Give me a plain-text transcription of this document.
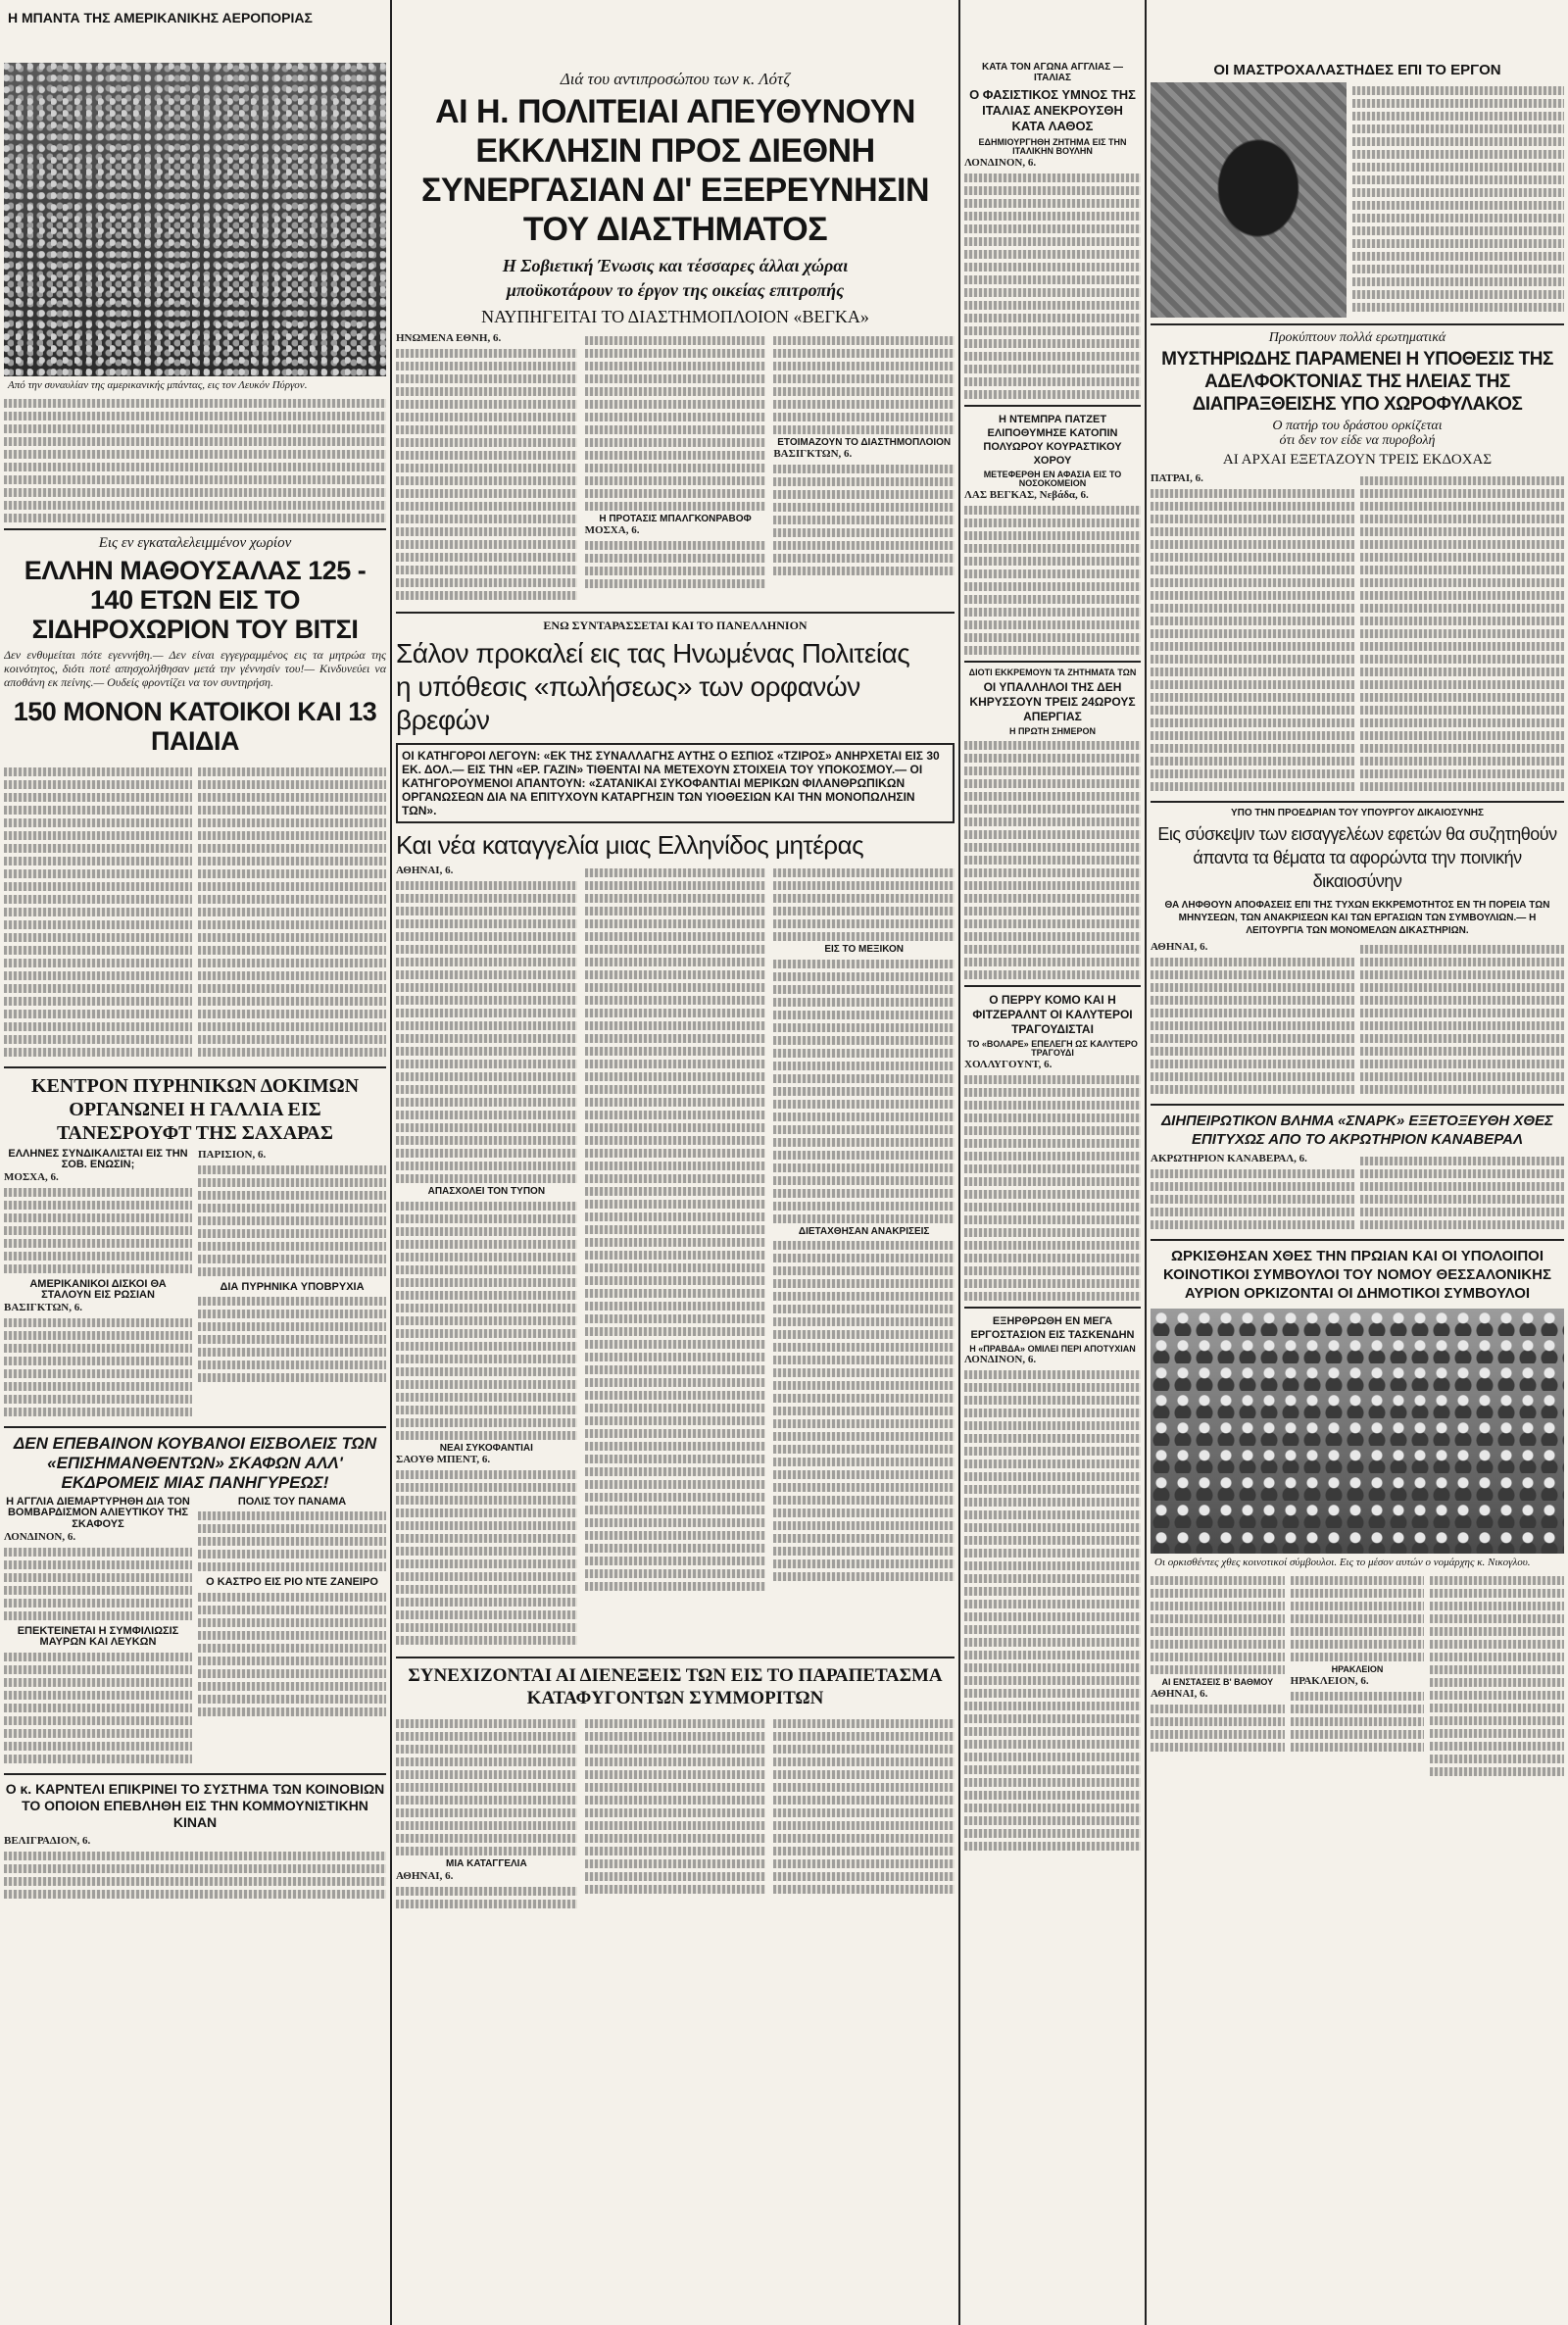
Η ΜΠΑΝΤΑ ΤΗΣ ΑΜΕΡΙΚΑΝΙΚΗΣ ΑΕΡΟΠΟΡΙΑΣ
Από την συναυλίαν της αμερικανικής μπάντας, εις τον Λευκόν Πύργον.
Εις εν εγκαταλελειμμένον χωρίον
ΕΛΛΗΝ ΜΑΘΟΥΣΑΛΑΣ 125 - 140 ΕΤΩΝ ΕΙΣ ΤΟ ΣΙΔΗΡΟΧΩΡΙΟΝ ΤΟΥ ΒΙΤΣΙ
Δεν ενθυμείται πότε εγεννήθη.— Δεν είναι εγγεγραμμένος εις τα μητρώα της κοινότητος, διότι ποτέ απησχολήθησαν μετά την γέννησίν του!— Κινδυνεύει να αποθάνη εκ πείνης.— Ουδείς φροντίζει να τον συντηρήση.
150 ΜΟΝΟΝ ΚΑΤΟΙΚΟΙ ΚΑΙ 13 ΠΑΙΔΙΑ
ΚΕΝΤΡΟΝ ΠΥΡΗΝΙΚΩΝ ΔΟΚΙΜΩΝ ΟΡΓΑΝΩΝΕΙ Η ΓΑΛΛΙΑ ΕΙΣ ΤΑΝΕΣΡΟΥΦΤ ΤΗΣ ΣΑΧΑΡΑΣ
ΕΛΛΗΝΕΣ ΣΥΝΔΙΚΑΛΙΣΤΑΙ ΕΙΣ ΤΗΝ ΣΟΒ. ΕΝΩΣΙΝ;
ΜΟΣΧΑ, 6.
ΑΜΕΡΙΚΑΝΙΚΟΙ ΔΙΣΚΟΙ ΘΑ ΣΤΑΛΟΥΝ ΕΙΣ ΡΩΣΙΑΝ
ΒΑΣΙΓΚΤΩΝ, 6.
ΠΑΡΙΣΙΟΝ, 6.
ΔΙΑ ΠΥΡΗΝΙΚΑ ΥΠΟΒΡΥΧΙΑ
ΔΕΝ ΕΠΕΒΑΙΝΟΝ ΚΟΥΒΑΝΟΙ ΕΙΣΒΟΛΕΙΣ ΤΩΝ «ΕΠΙΣΗΜΑΝΘΕΝΤΩΝ» ΣΚΑΦΩΝ ΑΛΛ' ΕΚΔΡΟΜΕΙΣ ΜΙΑΣ ΠΑΝΗΓΥΡΕΩΣ!
Η ΑΓΓΛΙΑ ΔΙΕΜΑΡΤΥΡΗΘΗ ΔΙΑ ΤΟΝ ΒΟΜΒΑΡΔΙΣΜΟΝ ΑΛΙΕΥΤΙΚΟΥ ΤΗΣ ΣΚΑΦΟΥΣ
ΛΟΝΔΙΝΟΝ, 6.
ΕΠΕΚΤΕΙΝΕΤΑΙ Η ΣΥΜΦΙΛΙΩΣΙΣ ΜΑΥΡΩΝ ΚΑΙ ΛΕΥΚΩΝ
ΠΟΛΙΣ ΤΟΥ ΠΑΝΑΜΑ
Ο ΚΑΣΤΡΟ ΕΙΣ ΡΙΟ ΝΤΕ ΖΑΝΕΙΡΟ
Ο κ. ΚΑΡΝΤΕΛΙ ΕΠΙΚΡΙΝΕΙ ΤΟ ΣΥΣΤΗΜΑ ΤΩΝ ΚΟΙΝΟΒΙΩΝ ΤΟ ΟΠΟΙΟΝ ΕΠΕΒΛΗΘΗ ΕΙΣ ΤΗΝ ΚΟΜΜΟΥΝΙΣΤΙΚΗΝ ΚΙΝΑΝ
ΒΕΛΙΓΡΑΔΙΟΝ, 6.
Διά του αντιπροσώπου των κ. Λότζ
ΑΙ Η. ΠΟΛΙΤΕΙΑΙ ΑΠΕΥΘΥΝΟΥΝ ΕΚΚΛΗΣΙΝ ΠΡΟΣ ΔΙΕΘΝΗ ΣΥΝΕΡΓΑΣΙΑΝ ΔΙ' ΕΞΕΡΕΥΝΗΣΙΝ ΤΟΥ ΔΙΑΣΤΗΜΑΤΟΣ
Η Σοβιετική Ένωσις και τέσσαρες άλλαι χώραι
μποϋκοτάρουν το έργον της οικείας επιτροπής
ΝΑΥΠΗΓΕΙΤΑΙ ΤΟ ΔΙΑΣΤΗΜΟΠΛΟΙΟΝ «ΒΕΓΚΑ»
ΗΝΩΜΕΝΑ ΕΘΝΗ, 6.
Η ΠΡΟΤΑΣΙΣ ΜΠΑΛΓΚΟΝΡΑΒΟΦ
ΜΟΣΧΑ, 6.
ΕΤΟΙΜΑΖΟΥΝ ΤΟ ΔΙΑΣΤΗΜΟΠΛΟΙΟΝ
ΒΑΣΙΓΚΤΩΝ, 6.
ΕΝΩ ΣΥΝΤΑΡΑΣΣΕΤΑΙ ΚΑΙ ΤΟ ΠΑΝΕΛΛΗΝΙΟΝ
Σάλον προκαλεί εις τας Ηνωμένας Πολιτείας
η υπόθεσις «πωλήσεως» των ορφανών βρεφών
ΟΙ ΚΑΤΗΓΟΡΟΙ ΛΕΓΟΥΝ: «ΕΚ ΤΗΣ ΣΥΝΑΛΛΑΓΗΣ ΑΥΤΗΣ Ο ΕΣΠΙΟΣ «ΤΖΙΡΟΣ» ΑΝΗΡΧΕΤΑΙ ΕΙΣ 30 ΕΚ. ΔΟΛ.— ΕΙΣ ΤΗΝ «ΕΡ. ΓΑΖΙΝ» ΤΙΘΕΝΤΑΙ ΝΑ ΜΕΤΕΧΟΥΝ ΣΤΟΙΧΕΙΑ ΤΟΥ ΥΠΟΚΟΣΜΟΥ.— ΟΙ ΚΑΤΗΓΟΡΟΥΜΕΝΟΙ ΑΠΑΝΤΟΥΝ: «ΣΑΤΑΝΙΚΑΙ ΣΥΚΟΦΑΝΤΙΑΙ ΜΕΡΙΚΩΝ ΦΙΛΑΝΘΡΩΠΙΚΩΝ ΟΡΓΑΝΩΣΕΩΝ ΔΙΑ ΝΑ ΕΠΙΤΥΧΟΥΝ ΚΑΤΑΡΓΗΣΙΝ ΤΩΝ ΥΙΟΘΕΣΙΩΝ ΚΑΙ ΤΗΝ ΜΟΝΟΠΩΛΗΣΙΝ ΤΩΝ».
Και νέα καταγγελία μιας Ελληνίδος μητέρας
ΑΘΗΝΑΙ, 6.
ΑΠΑΣΧΟΛΕΙ ΤΟΝ ΤΥΠΟΝ
ΝΕΑΙ ΣΥΚΟΦΑΝΤΙΑΙ
ΣΑΟΥΘ ΜΠΕΝΤ, 6.
ΕΙΣ ΤΟ ΜΕΞΙΚΟΝ
ΔΙΕΤΑΧΘΗΣΑΝ ΑΝΑΚΡΙΣΕΙΣ
ΣΥΝΕΧΙΖΟΝΤΑΙ ΑΙ ΔΙΕΝΕΞΕΙΣ ΤΩΝ ΕΙΣ ΤΟ ΠΑΡΑΠΕΤΑΣΜΑ ΚΑΤΑΦΥΓΟΝΤΩΝ ΣΥΜΜΟΡΙΤΩΝ
ΜΙΑ ΚΑΤΑΓΓΕΛΙΑ
ΑΘΗΝΑΙ, 6.
ΚΑΤΑ ΤΟΝ ΑΓΩΝΑ ΑΓΓΛΙΑΣ — ΙΤΑΛΙΑΣ
Ο ΦΑΣΙΣΤΙΚΟΣ ΥΜΝΟΣ ΤΗΣ ΙΤΑΛΙΑΣ ΑΝΕΚΡΟΥΣΘΗ ΚΑΤΑ ΛΑΘΟΣ
ΕΔΗΜΙΟΥΡΓΗΘΗ ΖΗΤΗΜΑ ΕΙΣ ΤΗΝ ΙΤΑΛΙΚΗΝ ΒΟΥΛΗΝ
ΛΟΝΔΙΝΟΝ, 6.
Η ΝΤΕΜΠΡΑ ΠΑΤΖΕΤ ΕΛΙΠΟΘΥΜΗΣΕ ΚΑΤΟΠΙΝ ΠΟΛΥΩΡΟΥ ΚΟΥΡΑΣΤΙΚΟΥ ΧΟΡΟΥ
ΜΕΤΕΦΕΡΘΗ ΕΝ ΑΦΑΣΙΑ ΕΙΣ ΤΟ ΝΟΣΟΚΟΜΕΙΟΝ
ΛΑΣ ΒΕΓΚΑΣ, Νεβάδα, 6.
ΔΙΟΤΙ ΕΚΚΡΕΜΟΥΝ ΤΑ ΖΗΤΗΜΑΤΑ ΤΩΝ
ΟΙ ΥΠΑΛΛΗΛΟΙ ΤΗΣ ΔΕΗ ΚΗΡΥΣΣΟΥΝ ΤΡΕΙΣ 24ΩΡΟΥΣ ΑΠΕΡΓΙΑΣ
Η ΠΡΩΤΗ ΣΗΜΕΡΟΝ
Ο ΠΕΡΡΥ ΚΟΜΟ ΚΑΙ Η ΦΙΤΖΕΡΑΛΝΤ ΟΙ ΚΑΛΥΤΕΡΟΙ ΤΡΑΓΟΥΔΙΣΤΑΙ
ΤΟ «ΒΟΛΑΡΕ» ΕΠΕΛΕΓΗ ΩΣ ΚΑΛΥΤΕΡΟ ΤΡΑΓΟΥΔΙ
ΧΟΛΛΥΓΟΥΝΤ, 6.
ΕΞΗΡΘΡΩΘΗ ΕΝ ΜΕΓΑ ΕΡΓΟΣΤΑΣΙΟΝ ΕΙΣ ΤΑΣΚΕΝΔΗΝ
Η «ΠΡΑΒΔΑ» ΟΜΙΛΕΙ ΠΕΡΙ ΑΠΟΤΥΧΙΑΝ
ΛΟΝΔΙΝΟΝ, 6.
ΟΙ ΜΑΣΤΡΟΧΑΛΑΣΤΗΔΕΣ ΕΠΙ ΤΟ ΕΡΓΟΝ
Προκύπτουν πολλά ερωτηματικά
ΜΥΣΤΗΡΙΩΔΗΣ ΠΑΡΑΜΕΝΕΙ Η ΥΠΟΘΕΣΙΣ ΤΗΣ ΑΔΕΛΦΟΚΤΟΝΙΑΣ ΤΗΣ ΗΛΕΙΑΣ ΤΗΣ ΔΙΑΠΡΑΞΘΕΙΣΗΣ ΥΠΟ ΧΩΡΟΦΥΛΑΚΟΣ
Ο πατήρ του δράστου ορκίζεται
ότι δεν τον είδε να πυροβολή
ΑΙ ΑΡΧΑΙ ΕΞΕΤΑΖΟΥΝ ΤΡΕΙΣ ΕΚΔΟΧΑΣ
ΠΑΤΡΑΙ, 6.
ΥΠΟ ΤΗΝ ΠΡΟΕΔΡΙΑΝ ΤΟΥ ΥΠΟΥΡΓΟΥ ΔΙΚΑΙΟΣΥΝΗΣ
Εις σύσκεψιν των εισαγγελέων εφετών θα συζητηθούν άπαντα τα θέματα τα αφορώντα την ποινικήν δικαιοσύνην
ΘΑ ΛΗΦΘΟΥΝ ΑΠΟΦΑΣΕΙΣ ΕΠΙ ΤΗΣ ΤΥΧΩΝ ΕΚΚΡΕΜΟΤΗΤΟΣ ΕΝ ΤΗ ΠΟΡΕΙΑ ΤΩΝ ΜΗΝΥΣΕΩΝ, ΤΩΝ ΑΝΑΚΡΙΣΕΩΝ ΚΑΙ ΤΩΝ ΕΡΓΑΣΙΩΝ ΤΩΝ ΣΥΜΒΟΥΛΙΩΝ.— Η ΛΕΙΤΟΥΡΓΙΑ ΤΩΝ ΜΟΝΟΜΕΛΩΝ ΔΙΚΑΣΤΗΡΙΩΝ.
ΑΘΗΝΑΙ, 6.
ΔΙΗΠΕΙΡΩΤΙΚΟΝ ΒΛΗΜΑ «ΣΝΑΡΚ» ΕΞΕΤΟΞΕΥΘΗ ΧΘΕΣ ΕΠΙΤΥΧΩΣ ΑΠΟ ΤΟ ΑΚΡΩΤΗΡΙΟΝ ΚΑΝΑΒΕΡΑΛ
ΑΚΡΩΤΗΡΙΟΝ ΚΑΝΑΒΕΡΑΛ, 6.
ΩΡΚΙΣΘΗΣΑΝ ΧΘΕΣ ΤΗΝ ΠΡΩΙΑΝ ΚΑΙ ΟΙ ΥΠΟΛΟΙΠΟΙ ΚΟΙΝΟΤΙΚΟΙ ΣΥΜΒΟΥΛΟΙ ΤΟΥ ΝΟΜΟΥ ΘΕΣΣΑΛΟΝΙΚΗΣ ΑΥΡΙΟΝ ΟΡΚΙΖΟΝΤΑΙ ΟΙ ΔΗΜΟΤΙΚΟΙ ΣΥΜΒΟΥΛΟΙ
Οι ορκισθέντες χθες κοινοτικοί σύμβουλοι. Εις το μέσον αυτών ο νομάρχης κ. Νικογλου.
ΑΙ ΕΝΣΤΑΣΕΙΣ Β' ΒΑΘΜΟΥ
ΑΘΗΝΑΙ, 6.
ΗΡΑΚΛΕΙΟΝ
ΗΡΑΚΛΕΙΟΝ, 6.
